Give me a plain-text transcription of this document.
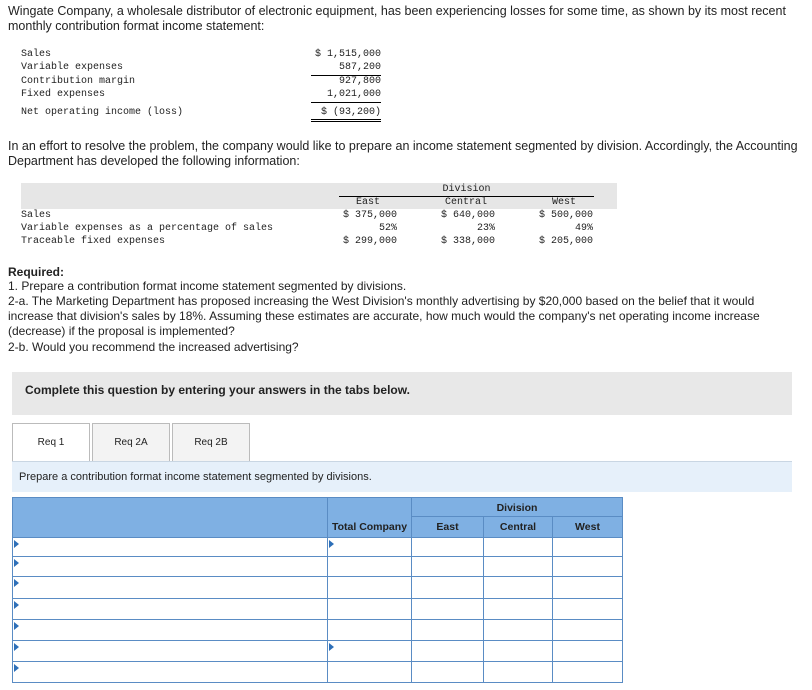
Wingate Company, a wholesale distributor of electronic equipment, has been experiencing losses for some time, as shown by its most recent monthly contribution format income statement:
Sales	$ 1,515,000
Variable expenses	587,200
Contribution margin	927,800
Fixed expenses	1,021,000
Net operating income (loss)	$ (93,200)
In an effort to resolve the problem, the company would like to prepare an income statement segmented by division. Accordingly, the Accounting Department has developed the following information:
Division
East	Central	West
Sales	$ 375,000	$ 640,000	$ 500,000
Variable expenses as a percentage of sales	52%	23%	49%
Traceable fixed expenses	$ 299,000	$ 338,000	$ 205,000
Required:
1. Prepare a contribution format income statement segmented by divisions.
2-a. The Marketing Department has proposed increasing the West Division's monthly advertising by $20,000 based on the belief that it would increase that division's sales by 18%. Assuming these estimates are accurate, how much would the company's net operating income increase (decrease) if the proposal is implemented?
2-b. Would you recommend the increased advertising?
Complete this question by entering your answers in the tabs below.
Req 1	Req 2A	Req 2B
Prepare a contribution format income statement segmented by divisions.
Division
Total Company	East	Central	West
